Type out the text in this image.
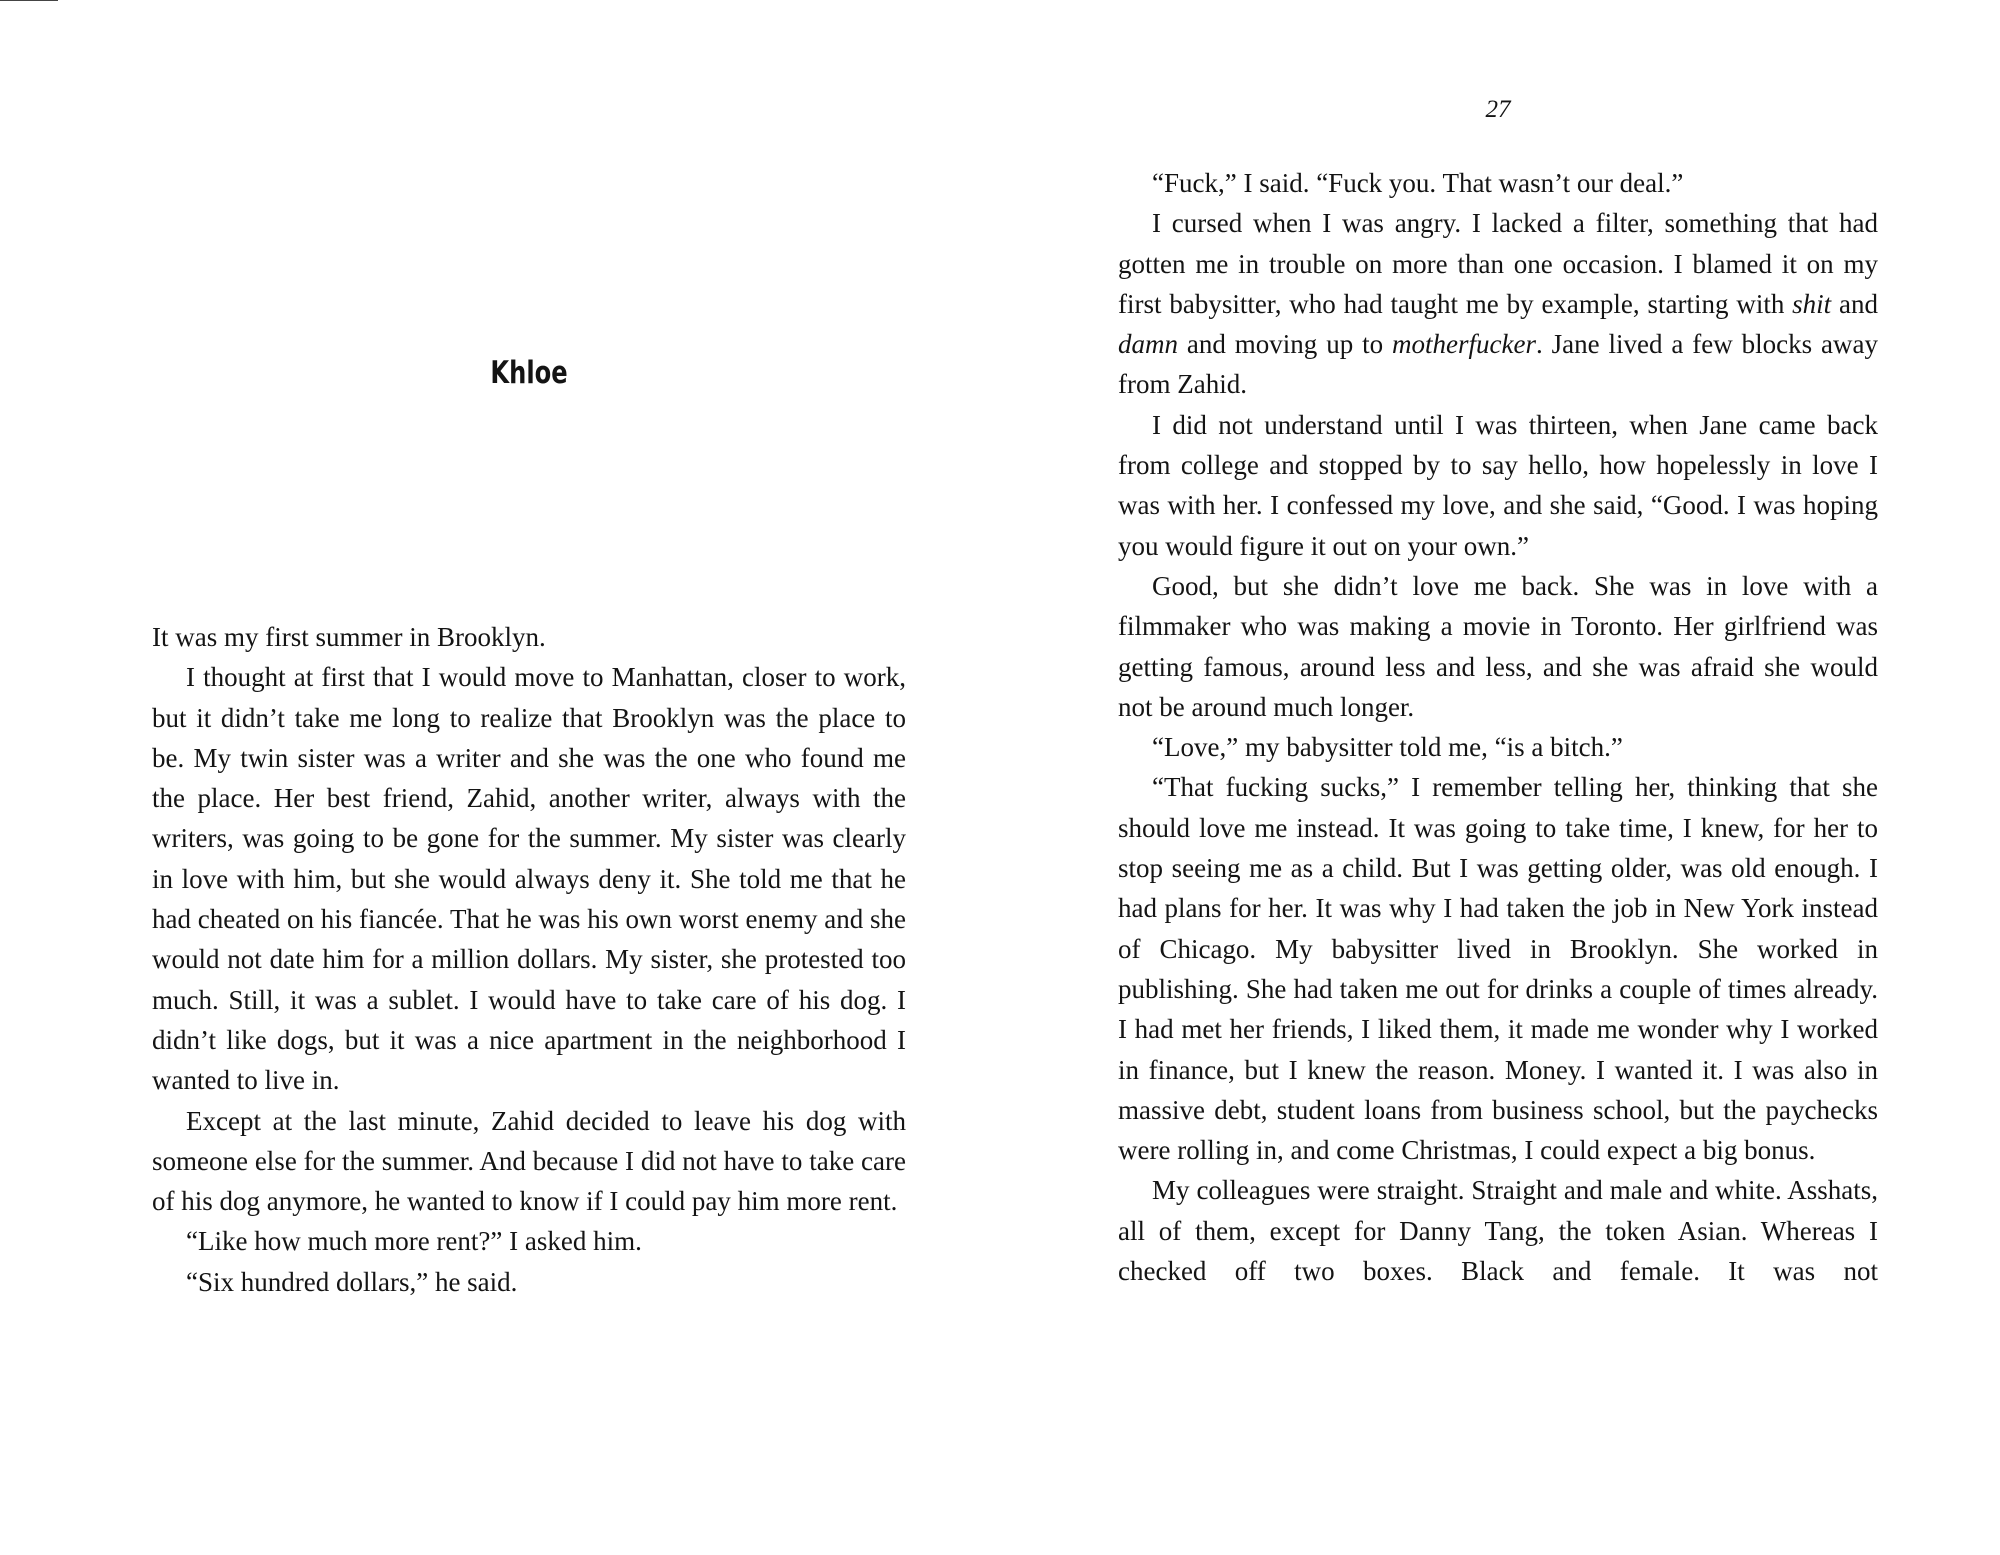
Khloe

It was my first summer in Brooklyn.

I thought at first that I would move to Manhattan, closer to work, but it didn’t take me long to realize that Brooklyn was the place to be. My twin sister was a writer and she was the one who found me the place. Her best friend, Zahid, another writer, always with the writers, was going to be gone for the summer. My sister was clearly in love with him, but she would always deny it. She told me that he had cheated on his fiancée. That he was his own worst enemy and she would not date him for a million dollars. My sister, she protested too much. Still, it was a sublet. I would have to take care of his dog. I didn’t like dogs, but it was a nice apartment in the neighborhood I wanted to live in.

Except at the last minute, Zahid decided to leave his dog with someone else for the summer. And because I did not have to take care of his dog anymore, he wanted to know if I could pay him more rent.

“Like how much more rent?” I asked him.

“Six hundred dollars,” he said.

27

“Fuck,” I said. “Fuck you. That wasn’t our deal.”

I cursed when I was angry. I lacked a filter, something that had gotten me in trouble on more than one occasion. I blamed it on my first babysitter, who had taught me by example, starting with shit and damn and moving up to motherfucker. Jane lived a few blocks away from Zahid.

I did not understand until I was thirteen, when Jane came back from college and stopped by to say hello, how hopelessly in love I was with her. I confessed my love, and she said, “Good. I was hoping you would figure it out on your own.”

Good, but she didn’t love me back. She was in love with a filmmaker who was making a movie in Toronto. Her girlfriend was getting famous, around less and less, and she was afraid she would not be around much longer.

“Love,” my babysitter told me, “is a bitch.”

“That fucking sucks,” I remember telling her, thinking that she should love me instead. It was going to take time, I knew, for her to stop seeing me as a child. But I was getting older, was old enough. I had plans for her. It was why I had taken the job in New York instead of Chicago. My babysitter lived in Brooklyn. She worked in publishing. She had taken me out for drinks a couple of times already. I had met her friends, I liked them, it made me wonder why I worked in finance, but I knew the reason. Money. I wanted it. I was also in massive debt, student loans from business school, but the paychecks were rolling in, and come Christmas, I could expect a big bonus.

My colleagues were straight. Straight and male and white. Asshats, all of them, except for Danny Tang, the token Asian. Whereas I checked off two boxes. Black and female. It was not
